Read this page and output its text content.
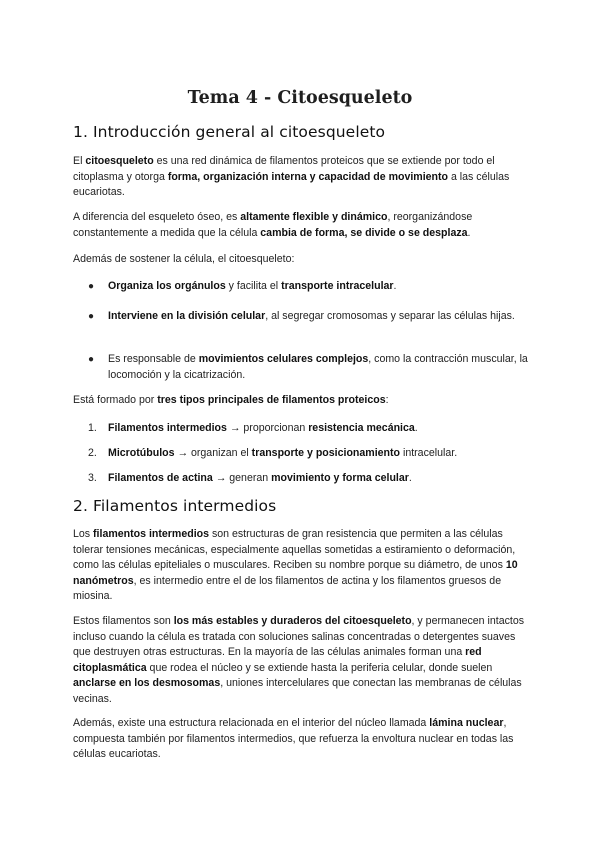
Tema 4 - Citoesqueleto
1. Introducción general al citoesqueleto

El citoesqueleto es una red dinámica de filamentos proteicos que se extiende por todo el citoplasma y otorga forma, organización interna y capacidad de movimiento a las células eucariotas.

A diferencia del esqueleto óseo, es altamente flexible y dinámico, reorganizándose constantemente a medida que la célula cambia de forma, se divide o se desplaza.

Además de sostener la célula, el citoesqueleto:

● Organiza los orgánulos y facilita el transporte intracelular.

● Interviene en la división celular, al segregar cromosomas y separar las células hijas.

● Es responsable de movimientos celulares complejos, como la contracción muscular, la locomoción y la cicatrización.

Está formado por tres tipos principales de filamentos proteicos:

1.	Filamentos intermedios → proporcionan resistencia mecánica.

2.	Microtúbulos → organizan el transporte y posicionamiento intracelular.

3.	Filamentos de actina → generan movimiento y forma celular.

2. Filamentos intermedios

Los filamentos intermedios son estructuras de gran resistencia que permiten a las células tolerar tensiones mecánicas, especialmente aquellas sometidas a estiramiento o deformación, como las células epiteliales o musculares. Reciben su nombre porque su diámetro, de unos 10 nanómetros, es intermedio entre el de los filamentos de actina y los filamentos gruesos de miosina.

Estos filamentos son los más estables y duraderos del citoesqueleto, y permanecen intactos incluso cuando la célula es tratada con soluciones salinas concentradas o detergentes suaves que destruyen otras estructuras. En la mayoría de las células animales forman una red citoplasmática que rodea el núcleo y se extiende hasta la periferia celular, donde suelen anclarse en los desmosomas, uniones intercelulares que conectan las membranas de células vecinas.

Además, existe una estructura relacionada en el interior del núcleo llamada lámina nuclear, compuesta también por filamentos intermedios, que refuerza la envoltura nuclear en todas las células eucariotas.
